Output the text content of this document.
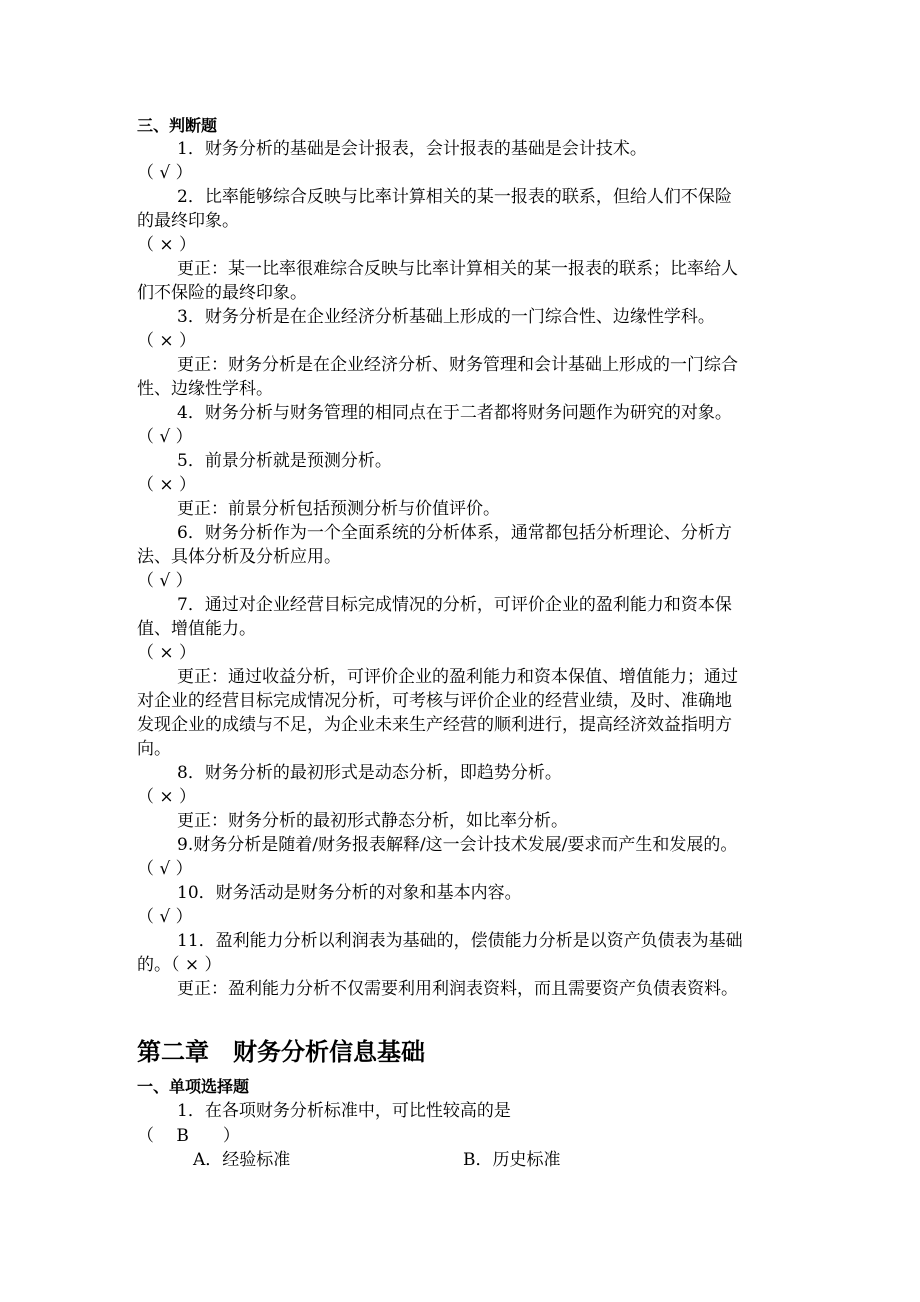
三、判断题
1．财务分析的基础是会计报表，会计报表的基础是会计技术。
（ √ ）
2．比率能够综合反映与比率计算相关的某一报表的联系，但给人们不保险
的最终印象。
（ × ）
更正：某一比率很难综合反映与比率计算相关的某一报表的联系；比率给人
们不保险的最终印象。
3．财务分析是在企业经济分析基础上形成的一门综合性、边缘性学科。
（ × ）
更正：财务分析是在企业经济分析、财务管理和会计基础上形成的一门综合
性、边缘性学科。
4．财务分析与财务管理的相同点在于二者都将财务问题作为研究的对象。
（ √ ）
5．前景分析就是预测分析。
（ × ）
更正：前景分析包括预测分析与价值评价。
6．财务分析作为一个全面系统的分析体系，通常都包括分析理论、分析方
法、具体分析及分析应用。
（ √ ）
7．通过对企业经营目标完成情况的分析，可评价企业的盈利能力和资本保
值、增值能力。
（ × ）
更正：通过收益分析，可评价企业的盈利能力和资本保值、增值能力；通过
对企业的经营目标完成情况分析，可考核与评价企业的经营业绩，及时、准确地
发现企业的成绩与不足，为企业未来生产经营的顺利进行，提高经济效益指明方
向。
8．财务分析的最初形式是动态分析，即趋势分析。
（ × ）
更正：财务分析的最初形式静态分析，如比率分析。
9.财务分析是随着/财务报表解释/这一会计技术发展/要求而产生和发展的。
（ √ ）
10．财务活动是财务分析的对象和基本内容。
（ √ ）
11．盈利能力分析以利润表为基础的，偿债能力分析是以资产负债表为基础
的。（ × ）
更正：盈利能力分析不仅需要利用利润表资料，而且需要资产负债表资料。
第二章　财务分析信息基础
一、单项选择题
1．在各项财务分析标准中，可比性较高的是
（　 B　　）
A．经验标准	B．历史标准
